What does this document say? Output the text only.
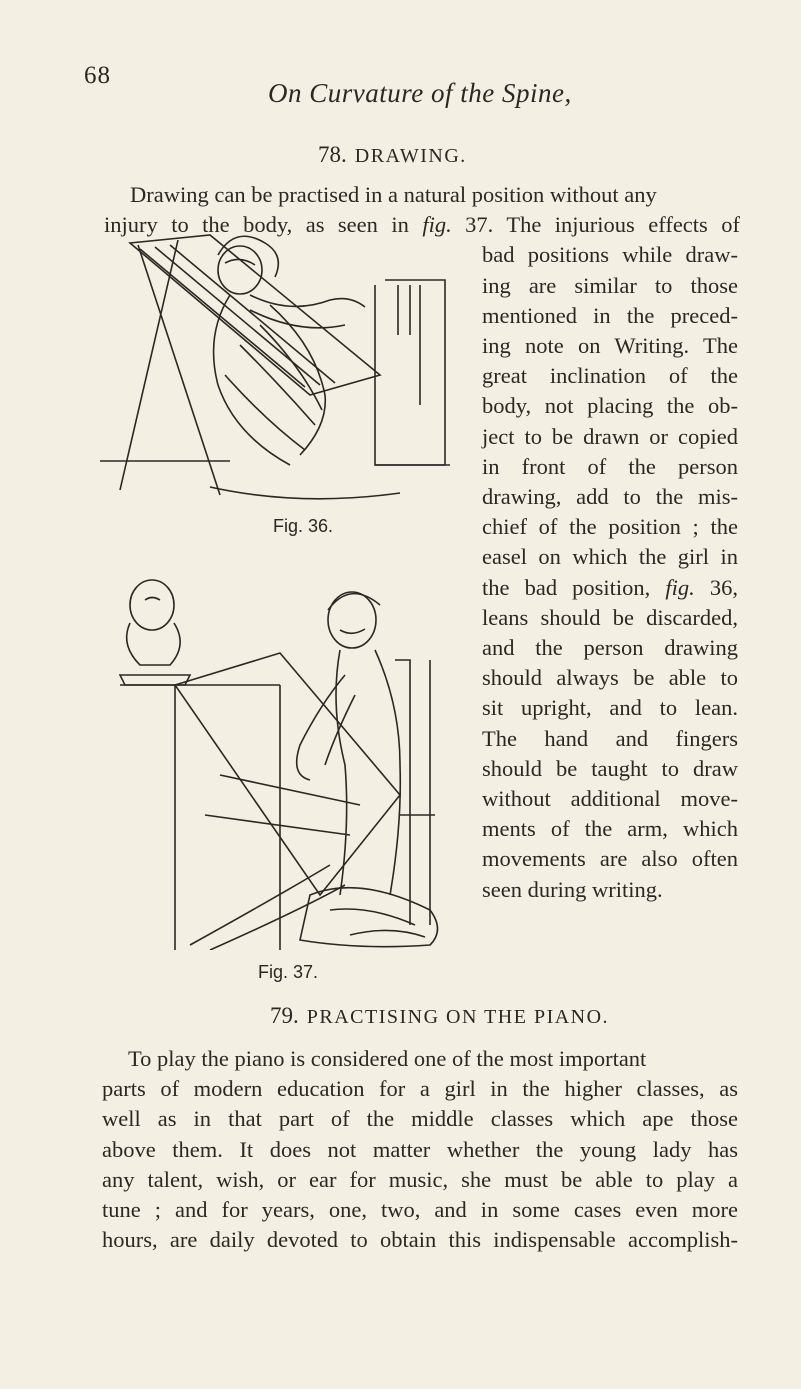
68
On Curvature of the Spine,
78. DRAWING.
Drawing can be practised in a natural position without any
injury to the body, as seen in fig. 37. The injurious effects of
bad positions while draw-
ing are similar to those
mentioned in the preced-
ing note on Writing. The
great inclination of the
body, not placing the ob-
ject to be drawn or copied
in front of the person
drawing, add to the mis-
chief of the position ; the
easel on which the girl in
the bad position, fig. 36,
leans should be discarded,
and the person drawing
should always be able to
sit upright, and to lean.
The hand and fingers
should be taught to draw
without additional move-
ments of the arm, which
movements are also often
seen during writing.
Fig. 36.
Fig. 37.
79. PRACTISING ON THE PIANO.
To play the piano is considered one of the most important
parts of modern education for a girl in the higher classes, as
well as in that part of the middle classes which ape those
above them. It does not matter whether the young lady has
any talent, wish, or ear for music, she must be able to play a
tune ; and for years, one, two, and in some cases even more
hours, are daily devoted to obtain this indispensable accomplish-
